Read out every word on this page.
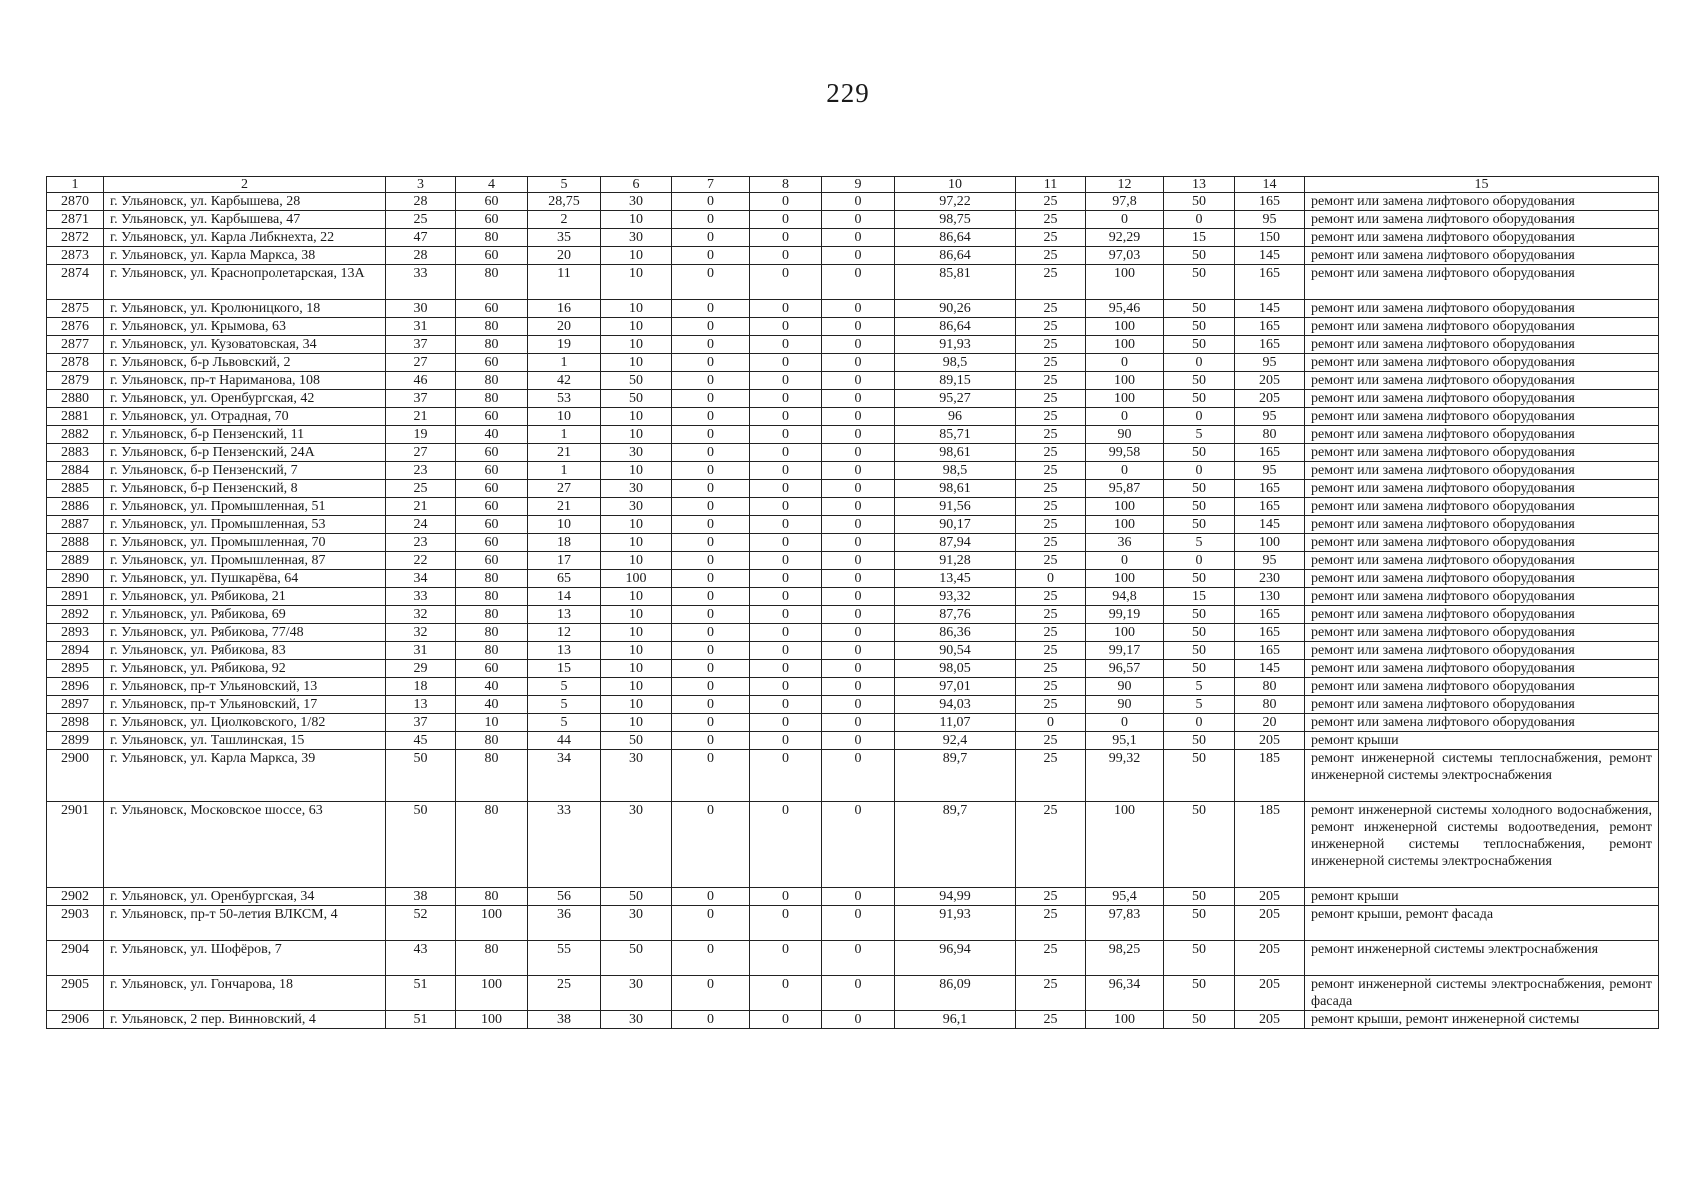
229
1	2	3	4	5	6	7	8	9	10	11	12	13	14	15
2870	г. Ульяновск, ул. Карбышева, 28	28	60	28,75	30	0	0	0	97,22	25	97,8	50	165	ремонт или замена лифтового оборудования
2871	г. Ульяновск, ул. Карбышева, 47	25	60	2	10	0	0	0	98,75	25	0	0	95	ремонт или замена лифтового оборудования
2872	г. Ульяновск, ул. Карла Либкнехта, 22	47	80	35	30	0	0	0	86,64	25	92,29	15	150	ремонт или замена лифтового оборудования
2873	г. Ульяновск, ул. Карла Маркса, 38	28	60	20	10	0	0	0	86,64	25	97,03	50	145	ремонт или замена лифтового оборудования
2874	г. Ульяновск, ул. Краснопролетарская, 13А	33	80	11	10	0	0	0	85,81	25	100	50	165	ремонт или замена лифтового оборудования
2875	г. Ульяновск, ул. Кролюницкого, 18	30	60	16	10	0	0	0	90,26	25	95,46	50	145	ремонт или замена лифтового оборудования
2876	г. Ульяновск, ул. Крымова, 63	31	80	20	10	0	0	0	86,64	25	100	50	165	ремонт или замена лифтового оборудования
2877	г. Ульяновск, ул. Кузоватовская, 34	37	80	19	10	0	0	0	91,93	25	100	50	165	ремонт или замена лифтового оборудования
2878	г. Ульяновск, б-р Львовский, 2	27	60	1	10	0	0	0	98,5	25	0	0	95	ремонт или замена лифтового оборудования
2879	г. Ульяновск, пр-т Нариманова, 108	46	80	42	50	0	0	0	89,15	25	100	50	205	ремонт или замена лифтового оборудования
2880	г. Ульяновск, ул. Оренбургская, 42	37	80	53	50	0	0	0	95,27	25	100	50	205	ремонт или замена лифтового оборудования
2881	г. Ульяновск, ул. Отрадная, 70	21	60	10	10	0	0	0	96	25	0	0	95	ремонт или замена лифтового оборудования
2882	г. Ульяновск, б-р Пензенский, 11	19	40	1	10	0	0	0	85,71	25	90	5	80	ремонт или замена лифтового оборудования
2883	г. Ульяновск, б-р Пензенский, 24А	27	60	21	30	0	0	0	98,61	25	99,58	50	165	ремонт или замена лифтового оборудования
2884	г. Ульяновск, б-р Пензенский, 7	23	60	1	10	0	0	0	98,5	25	0	0	95	ремонт или замена лифтового оборудования
2885	г. Ульяновск, б-р Пензенский, 8	25	60	27	30	0	0	0	98,61	25	95,87	50	165	ремонт или замена лифтового оборудования
2886	г. Ульяновск, ул. Промышленная, 51	21	60	21	30	0	0	0	91,56	25	100	50	165	ремонт или замена лифтового оборудования
2887	г. Ульяновск, ул. Промышленная, 53	24	60	10	10	0	0	0	90,17	25	100	50	145	ремонт или замена лифтового оборудования
2888	г. Ульяновск, ул. Промышленная, 70	23	60	18	10	0	0	0	87,94	25	36	5	100	ремонт или замена лифтового оборудования
2889	г. Ульяновск, ул. Промышленная, 87	22	60	17	10	0	0	0	91,28	25	0	0	95	ремонт или замена лифтового оборудования
2890	г. Ульяновск, ул. Пушкарёва, 64	34	80	65	100	0	0	0	13,45	0	100	50	230	ремонт или замена лифтового оборудования
2891	г. Ульяновск, ул. Рябикова, 21	33	80	14	10	0	0	0	93,32	25	94,8	15	130	ремонт или замена лифтового оборудования
2892	г. Ульяновск, ул. Рябикова, 69	32	80	13	10	0	0	0	87,76	25	99,19	50	165	ремонт или замена лифтового оборудования
2893	г. Ульяновск, ул. Рябикова, 77/48	32	80	12	10	0	0	0	86,36	25	100	50	165	ремонт или замена лифтового оборудования
2894	г. Ульяновск, ул. Рябикова, 83	31	80	13	10	0	0	0	90,54	25	99,17	50	165	ремонт или замена лифтового оборудования
2895	г. Ульяновск, ул. Рябикова, 92	29	60	15	10	0	0	0	98,05	25	96,57	50	145	ремонт или замена лифтового оборудования
2896	г. Ульяновск, пр-т Ульяновский, 13	18	40	5	10	0	0	0	97,01	25	90	5	80	ремонт или замена лифтового оборудования
2897	г. Ульяновск, пр-т Ульяновский, 17	13	40	5	10	0	0	0	94,03	25	90	5	80	ремонт или замена лифтового оборудования
2898	г. Ульяновск, ул. Циолковского, 1/82	37	10	5	10	0	0	0	11,07	0	0	0	20	ремонт или замена лифтового оборудования
2899	г. Ульяновск, ул. Ташлинская, 15	45	80	44	50	0	0	0	92,4	25	95,1	50	205	ремонт крыши
2900	г. Ульяновск, ул. Карла Маркса, 39	50	80	34	30	0	0	0	89,7	25	99,32	50	185	ремонт инженерной системы теплоснабжения, ремонт инженерной системы электроснабжения
2901	г. Ульяновск, Московское шоссе, 63	50	80	33	30	0	0	0	89,7	25	100	50	185	ремонт инженерной системы холодного водоснабжения, ремонт инженерной системы водоотведения, ремонт инженерной системы теплоснабжения, ремонт инженерной системы электроснабжения
2902	г. Ульяновск, ул. Оренбургская, 34	38	80	56	50	0	0	0	94,99	25	95,4	50	205	ремонт крыши
2903	г. Ульяновск, пр-т 50-летия ВЛКСМ, 4	52	100	36	30	0	0	0	91,93	25	97,83	50	205	ремонт крыши, ремонт фасада
2904	г. Ульяновск, ул. Шофёров, 7	43	80	55	50	0	0	0	96,94	25	98,25	50	205	ремонт инженерной системы электроснабжения
2905	г. Ульяновск, ул. Гончарова, 18	51	100	25	30	0	0	0	86,09	25	96,34	50	205	ремонт инженерной системы электроснабжения, ремонт фасада
2906	г. Ульяновск, 2 пер. Винновский, 4	51	100	38	30	0	0	0	96,1	25	100	50	205	ремонт крыши, ремонт инженерной системы
